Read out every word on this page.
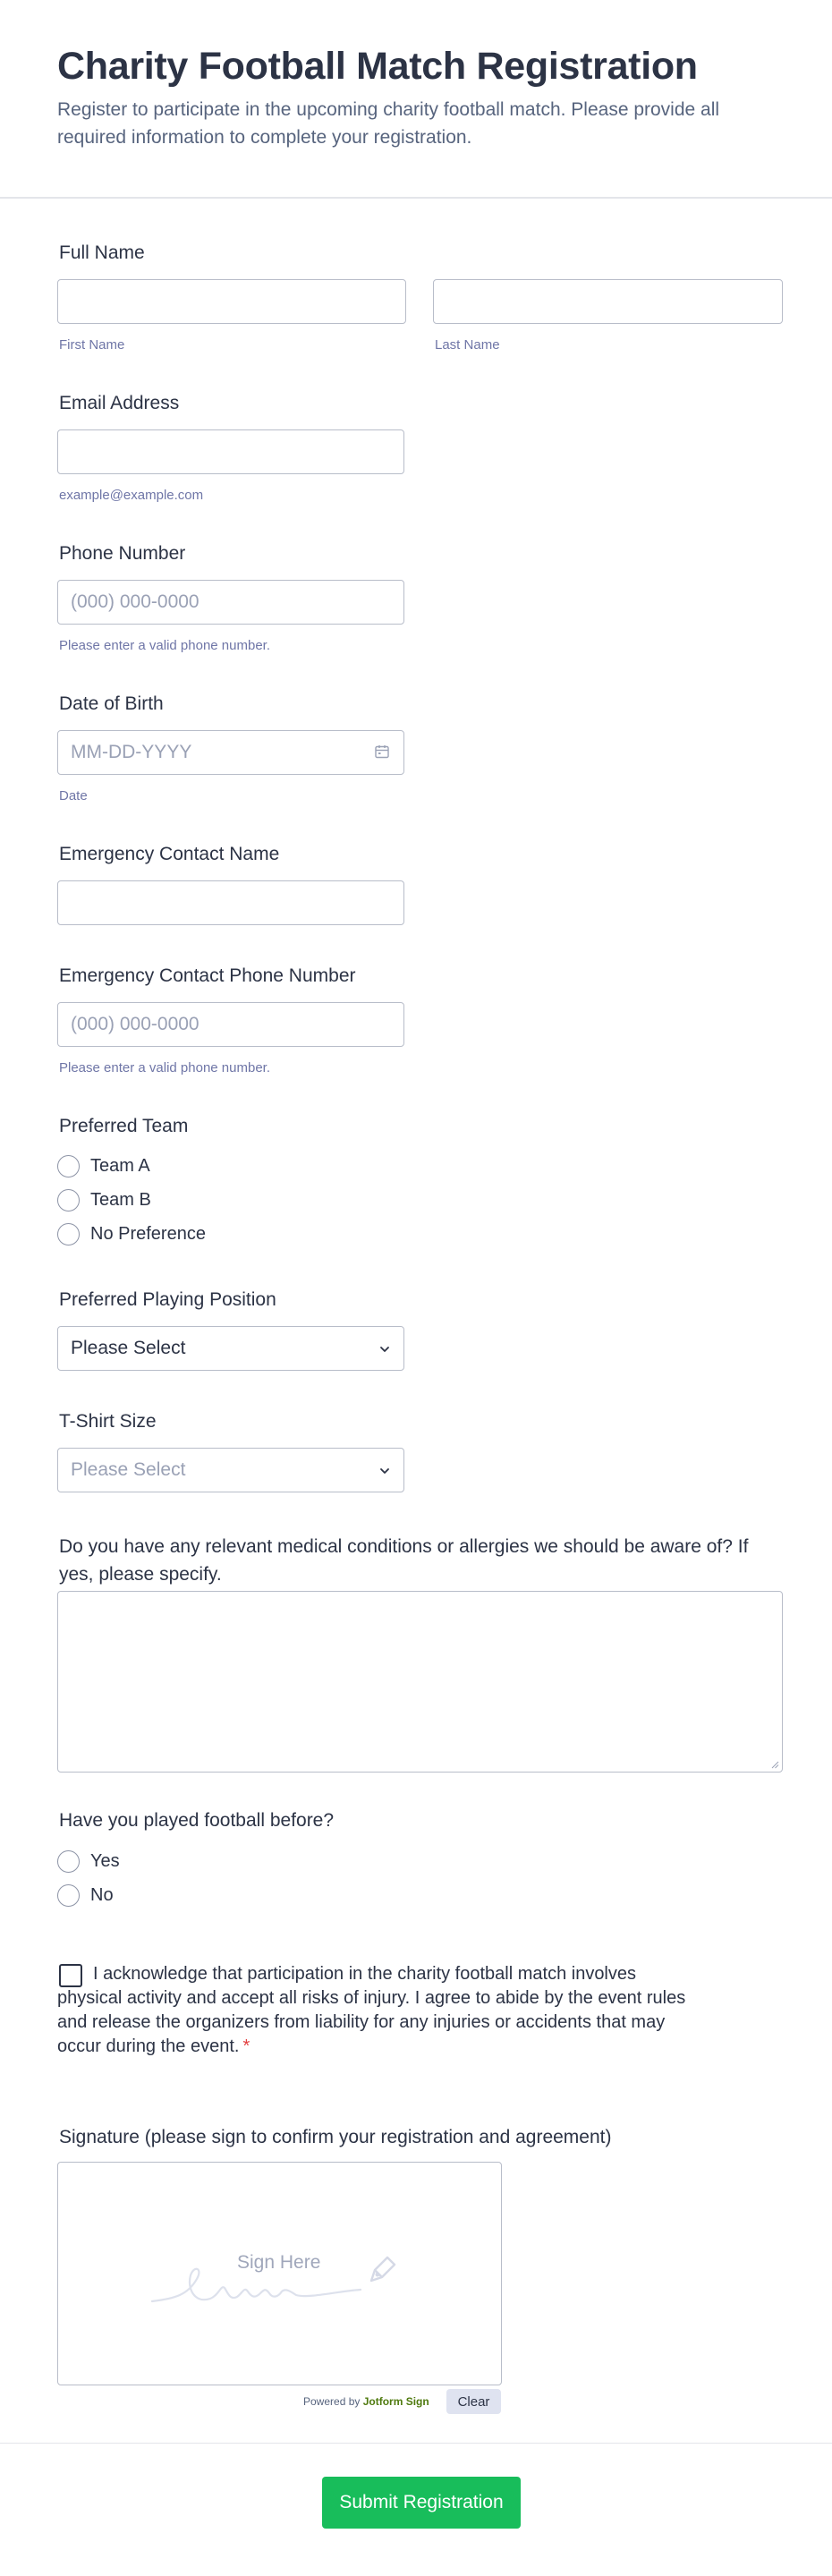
Charity Football Match Registration
Register to participate in the upcoming charity football match. Please provide all required information to complete your registration.
Full Name
First Name	Last Name
Email Address
example@example.com
Phone Number
(000) 000-0000
Please enter a valid phone number.
Date of Birth
MM-DD-YYYY
Date
Emergency Contact Name
Emergency Contact Phone Number
(000) 000-0000
Please enter a valid phone number.
Preferred Team
Team A
Team B
No Preference
Preferred Playing Position
Please Select
T-Shirt Size
Please Select
Do you have any relevant medical conditions or allergies we should be aware of? If yes, please specify.
Have you played football before?
Yes
No
I acknowledge that participation in the charity football match involves physical activity and accept all risks of injury. I agree to abide by the event rules and release the organizers from liability for any injuries or accidents that may occur during the event. *
Signature (please sign to confirm your registration and agreement)
Sign Here
Powered by Jotform Sign	Clear
Submit Registration
